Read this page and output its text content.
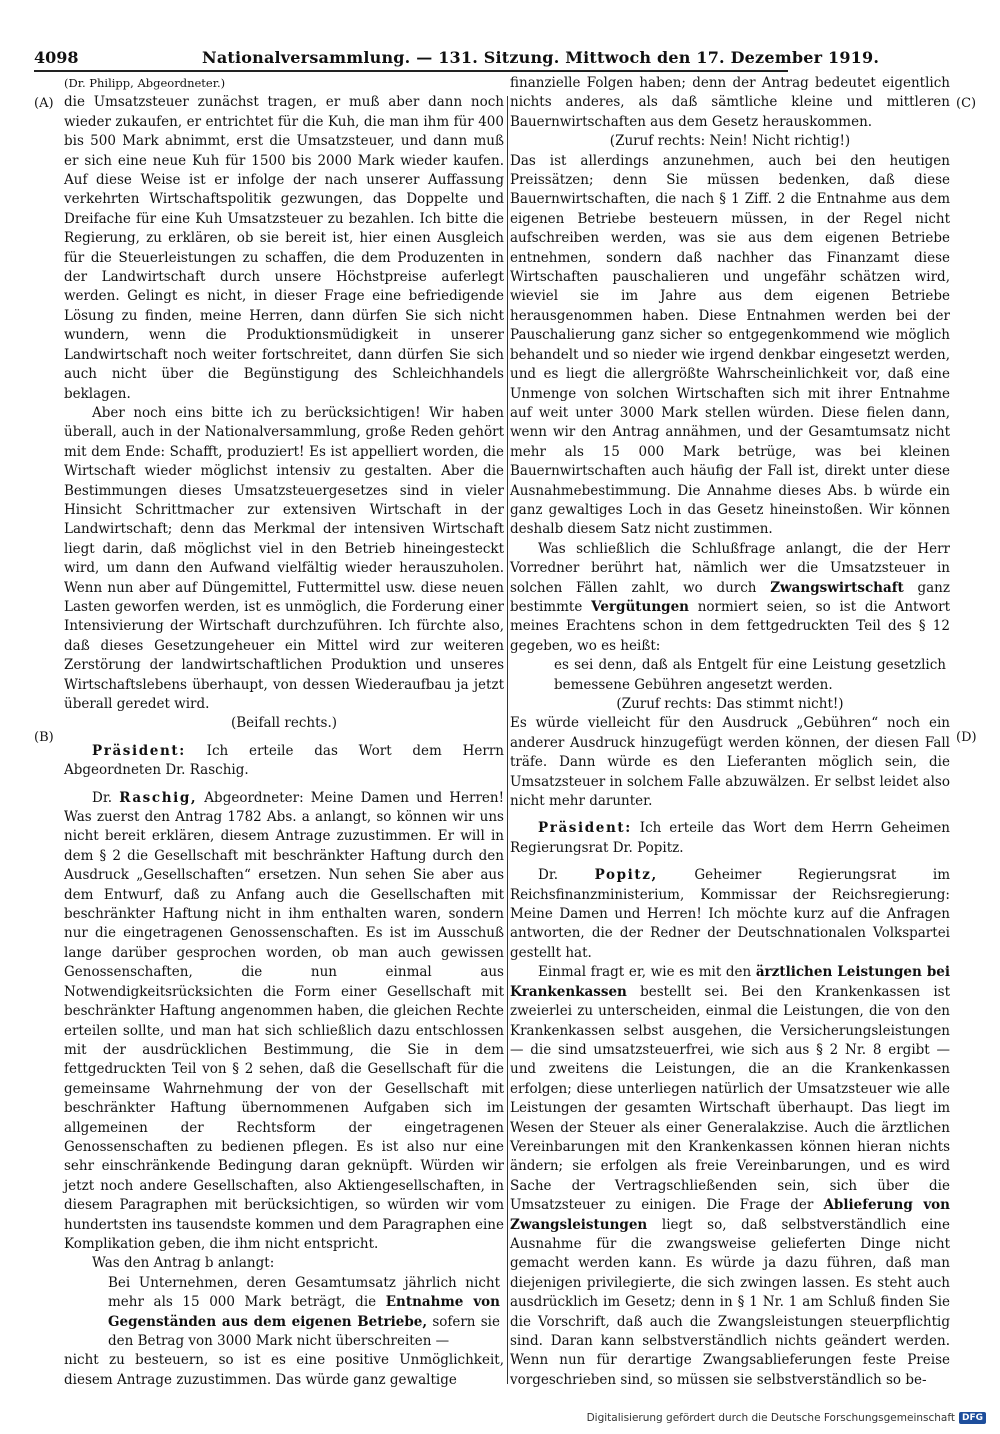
4098	Nationalversammlung. — 131. Sitzung. Mittwoch den 17. Dezember 1919.
(A)
(B)
(C)
(D)

(Dr. Philipp, Abgeordneter.)

die Umsatzsteuer zunächst tragen, er muß aber dann noch wieder zukaufen, er entrichtet für die Kuh, die man ihm für 400 bis 500 Mark abnimmt, erst die Umsatzsteuer, und dann muß er sich eine neue Kuh für 1500 bis 2000 Mark wieder kaufen. Auf diese Weise ist er infolge der nach unserer Auffassung verkehrten Wirtschaftspolitik gezwungen, das Doppelte und Dreifache für eine Kuh Umsatzsteuer zu bezahlen. Ich bitte die Regierung, zu erklären, ob sie bereit ist, hier einen Ausgleich für die Steuerleistungen zu schaffen, die dem Produzenten in der Landwirtschaft durch unsere Höchstpreise auferlegt werden. Gelingt es nicht, in dieser Frage eine befriedigende Lösung zu finden, meine Herren, dann dürfen Sie sich nicht wundern, wenn die Produktionsmüdigkeit in unserer Landwirtschaft noch weiter fortschreitet, dann dürfen Sie sich auch nicht über die Begünstigung des Schleichhandels beklagen.

Aber noch eins bitte ich zu berücksichtigen! Wir haben überall, auch in der Nationalversammlung, große Reden gehört mit dem Ende: Schafft, produziert! Es ist appelliert worden, die Wirtschaft wieder möglichst intensiv zu gestalten. Aber die Bestimmungen dieses Umsatzsteuergesetzes sind in vieler Hinsicht Schrittmacher zur extensiven Wirtschaft in der Landwirtschaft; denn das Merkmal der intensiven Wirtschaft liegt darin, daß möglichst viel in den Betrieb hineingesteckt wird, um dann den Aufwand vielfältig wieder herauszuholen. Wenn nun aber auf Düngemittel, Futtermittel usw. diese neuen Lasten geworfen werden, ist es unmöglich, die Forderung einer Intensivierung der Wirtschaft durchzuführen. Ich fürchte also, daß dieses Gesetzungeheuer ein Mittel wird zur weiteren Zerstörung der landwirtschaftlichen Produktion und unseres Wirtschaftslebens überhaupt, von dessen Wiederaufbau ja jetzt überall geredet wird.

(Beifall rechts.)

Präsident: Ich erteile das Wort dem Herrn Abgeordneten Dr. Raschig.

Dr. Raschig, Abgeordneter: Meine Damen und Herren! Was zuerst den Antrag 1782 Abs. a anlangt, so können wir uns nicht bereit erklären, diesem Antrage zuzustimmen. Er will in dem § 2 die Gesellschaft mit beschränkter Haftung durch den Ausdruck „Gesellschaften“ ersetzen. Nun sehen Sie aber aus dem Entwurf, daß zu Anfang auch die Gesellschaften mit beschränkter Haftung nicht in ihm enthalten waren, sondern nur die eingetragenen Genossenschaften. Es ist im Ausschuß lange darüber gesprochen worden, ob man auch gewissen Genossenschaften, die nun einmal aus Notwendigkeitsrücksichten die Form einer Gesellschaft mit beschränkter Haftung angenommen haben, die gleichen Rechte erteilen sollte, und man hat sich schließlich dazu entschlossen mit der ausdrücklichen Bestimmung, die Sie in dem fettgedruckten Teil von § 2 sehen, daß die Gesellschaft für die gemeinsame Wahrnehmung der von der Gesellschaft mit beschränkter Haftung übernommenen Aufgaben sich im allgemeinen der Rechtsform der eingetragenen Genossenschaften zu bedienen pflegen. Es ist also nur eine sehr einschränkende Bedingung daran geknüpft. Würden wir jetzt noch andere Gesellschaften, also Aktiengesellschaften, in diesem Paragraphen mit berücksichtigen, so würden wir vom hundertsten ins tausendste kommen und dem Paragraphen eine Komplikation geben, die ihm nicht entspricht.

Was den Antrag b anlangt:

Bei Unternehmen, deren Gesamtumsatz jährlich nicht mehr als 15 000 Mark beträgt, die Entnahme von Gegenständen aus dem eigenen Betriebe, sofern sie den Betrag von 3000 Mark nicht überschreiten —

nicht zu besteuern, so ist es eine positive Unmöglichkeit, diesem Antrage zuzustimmen. Das würde ganz gewaltige

finanzielle Folgen haben; denn der Antrag bedeutet eigentlich nichts anderes, als daß sämtliche kleine und mittleren Bauernwirtschaften aus dem Gesetz herauskommen.

(Zuruf rechts: Nein! Nicht richtig!)

Das ist allerdings anzunehmen, auch bei den heutigen Preissätzen; denn Sie müssen bedenken, daß diese Bauernwirtschaften, die nach § 1 Ziff. 2 die Entnahme aus dem eigenen Betriebe besteuern müssen, in der Regel nicht aufschreiben werden, was sie aus dem eigenen Betriebe entnehmen, sondern daß nachher das Finanzamt diese Wirtschaften pauschalieren und ungefähr schätzen wird, wieviel sie im Jahre aus dem eigenen Betriebe herausgenommen haben. Diese Entnahmen werden bei der Pauschalierung ganz sicher so entgegenkommend wie möglich behandelt und so nieder wie irgend denkbar eingesetzt werden, und es liegt die allergrößte Wahrscheinlichkeit vor, daß eine Unmenge von solchen Wirtschaften sich mit ihrer Entnahme auf weit unter 3000 Mark stellen würden. Diese fielen dann, wenn wir den Antrag annähmen, und der Gesamtumsatz nicht mehr als 15 000 Mark betrüge, was bei kleinen Bauernwirtschaften auch häufig der Fall ist, direkt unter diese Ausnahmebestimmung. Die Annahme dieses Abs. b würde ein ganz gewaltiges Loch in das Gesetz hineinstoßen. Wir können deshalb diesem Satz nicht zustimmen.

Was schließlich die Schlußfrage anlangt, die der Herr Vorredner berührt hat, nämlich wer die Umsatzsteuer in solchen Fällen zahlt, wo durch Zwangswirtschaft ganz bestimmte Vergütungen normiert seien, so ist die Antwort meines Erachtens schon in dem fettgedruckten Teil des § 12 gegeben, wo es heißt:

es sei denn, daß als Entgelt für eine Leistung gesetzlich bemessene Gebühren angesetzt werden.

(Zuruf rechts: Das stimmt nicht!)

Es würde vielleicht für den Ausdruck „Gebühren“ noch ein anderer Ausdruck hinzugefügt werden können, der diesen Fall träfe. Dann würde es den Lieferanten möglich sein, die Umsatzsteuer in solchem Falle abzuwälzen. Er selbst leidet also nicht mehr darunter.

Präsident: Ich erteile das Wort dem Herrn Geheimen Regierungsrat Dr. Popitz.

Dr.	Popitz,	Geheimer Regierungsrat im Reichsfinanzministerium, Kommissar der Reichsregierung: Meine Damen und Herren! Ich möchte kurz auf die Anfragen antworten, die der Redner der Deutschnationalen Volkspartei gestellt hat.

Einmal fragt er, wie es mit den ärztlichen Leistungen bei Krankenkassen bestellt sei. Bei den Krankenkassen ist zweierlei zu unterscheiden, einmal die Leistungen, die von den Krankenkassen selbst ausgehen, die Versicherungsleistungen — die sind umsatzsteuerfrei, wie sich aus § 2 Nr. 8 ergibt — und zweitens die Leistungen, die an die Krankenkassen erfolgen; diese unterliegen natürlich der Umsatzsteuer wie alle Leistungen der gesamten Wirtschaft überhaupt. Das liegt im Wesen der Steuer als einer Generalakzise. Auch die ärztlichen Vereinbarungen mit den Krankenkassen können hieran nichts ändern; sie erfolgen als freie Vereinbarungen, und es wird Sache der Vertragschließenden sein, sich über die Umsatzsteuer zu einigen. Die Frage der Ablieferung von Zwangsleistungen liegt so, daß selbstverständlich eine Ausnahme für die zwangsweise gelieferten Dinge nicht gemacht werden kann. Es würde ja dazu führen, daß man diejenigen privilegierte, die sich zwingen lassen. Es steht auch ausdrücklich im Gesetz; denn in § 1 Nr. 1 am Schluß finden Sie die Vorschrift, daß auch die Zwangsleistungen steuerpflichtig sind. Daran kann selbstverständlich nichts geändert werden. Wenn nun für derartige Zwangsablieferungen feste Preise vorgeschrieben sind, so müssen sie selbstverständlich so be-

Digitalisierung gefördert durch die Deutsche Forschungsgemeinschaft DFG
